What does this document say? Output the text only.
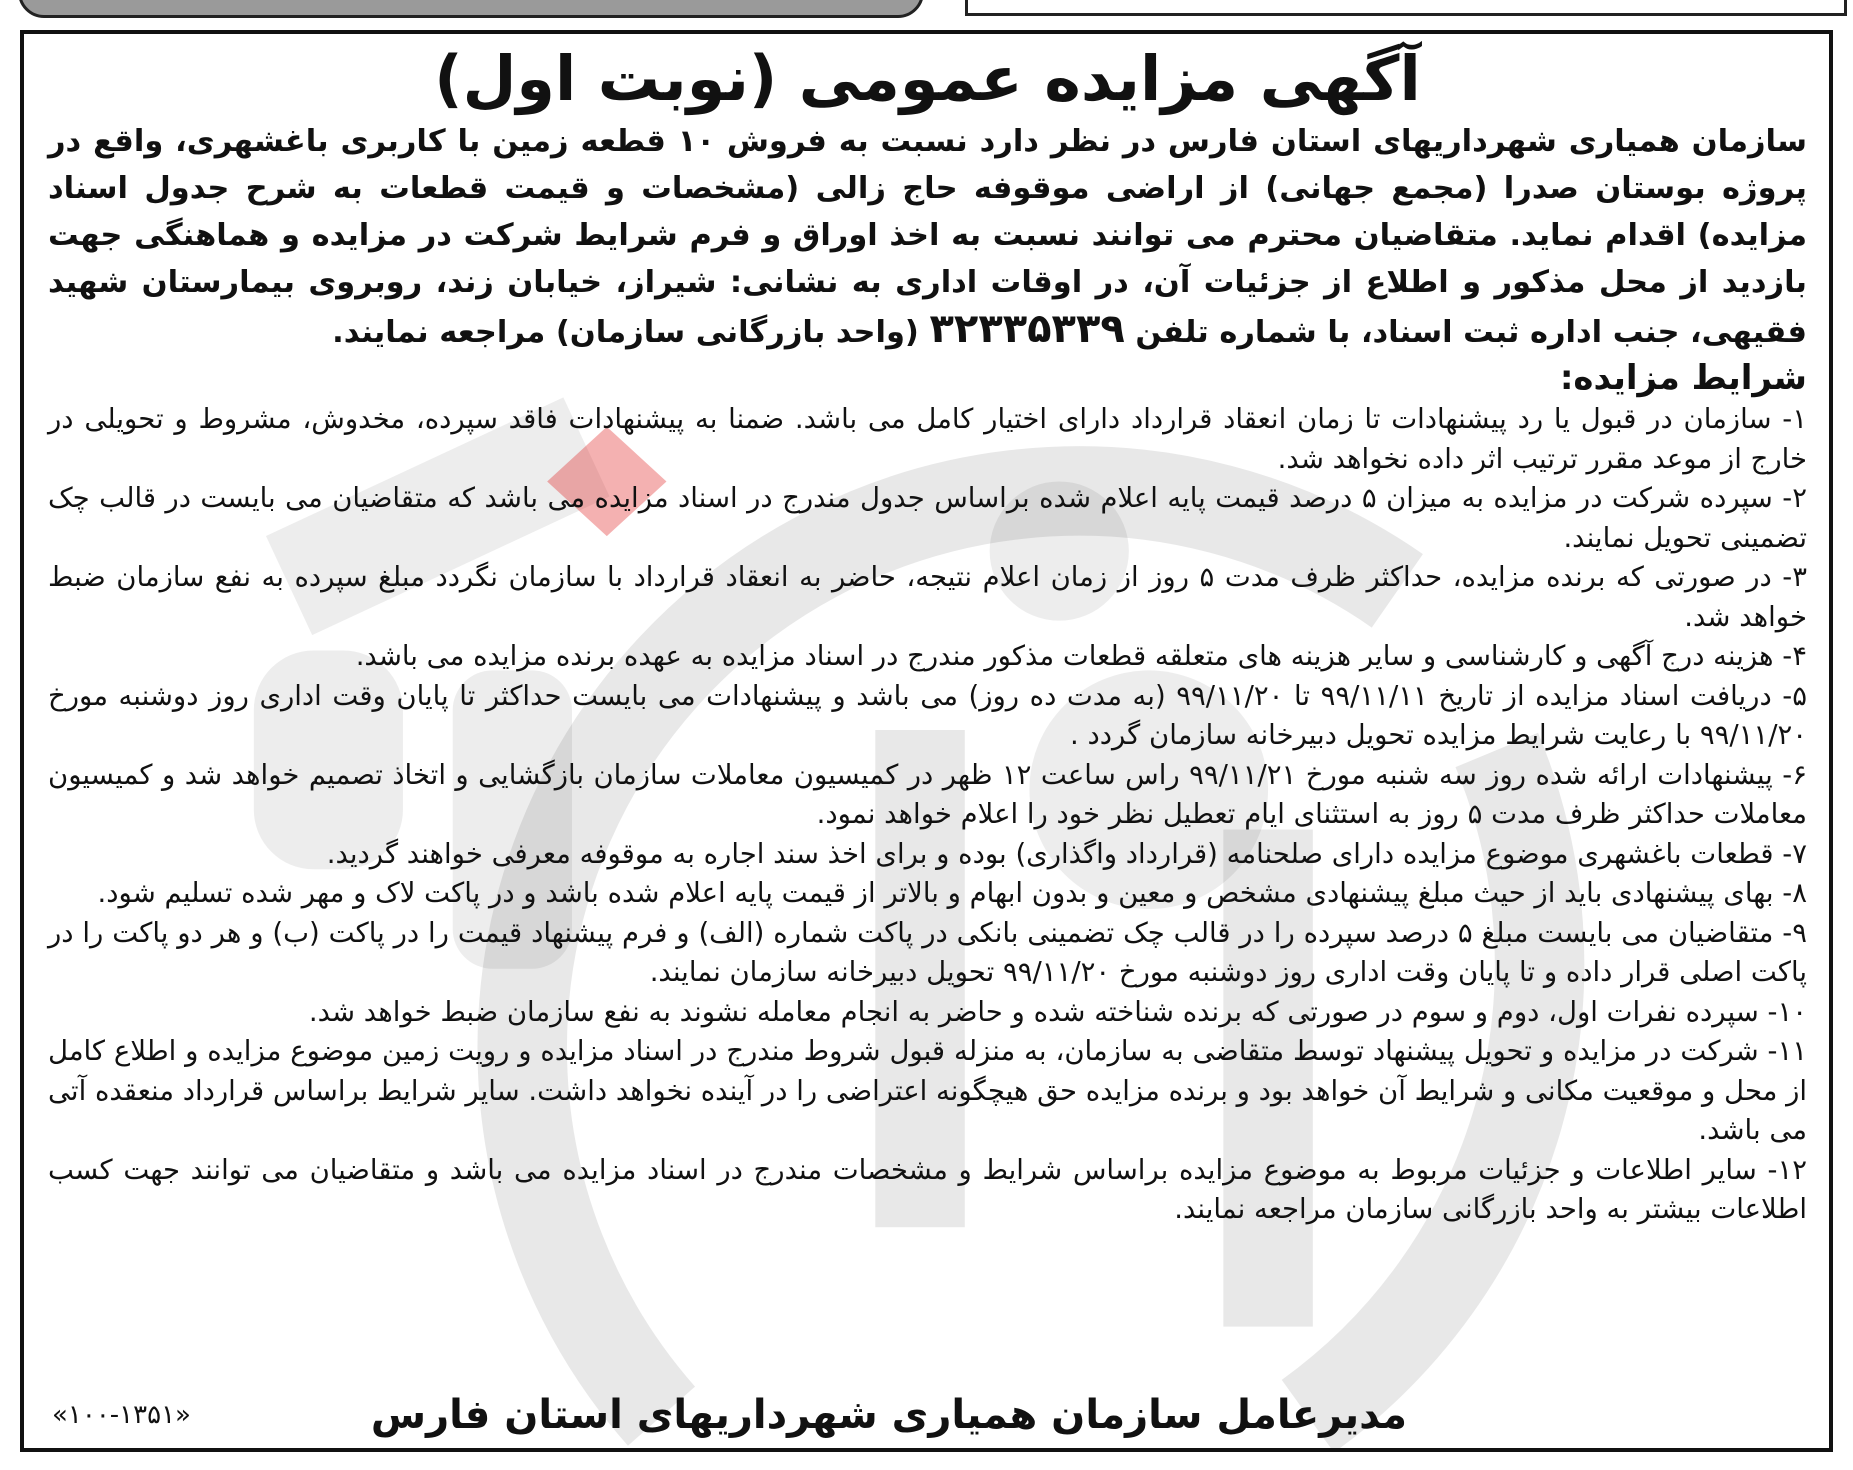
آگهی مزایده عمومی (نوبت اول)

سازمان همیاری شهرداریهای استان فارس در نظر دارد نسبت به فروش ۱۰ قطعه زمین با کاربری باغشهری، واقع در پروژه بوستان صدرا (مجمع جهانی) از اراضی موقوفه حاج زالی (مشخصات و قیمت قطعات به شرح جدول اسناد مزایده) اقدام نماید. متقاضیان محترم می توانند نسبت به اخذ اوراق و فرم شرایط شرکت در مزایده و هماهنگی جهت بازدید از محل مذکور و اطلاع از جزئیات آن، در اوقات اداری به نشانی: شیراز، خیابان زند، روبروی بیمارستان شهید فقیهی، جنب اداره ثبت اسناد، با شماره تلفن ۳۲۳۳۵۳۳۹ (واحد بازرگانی سازمان) مراجعه نمایند.

شرایط مزایده:
۱- سازمان در قبول یا رد پیشنهادات تا زمان انعقاد قرارداد دارای اختیار کامل می باشد. ضمنا به پیشنهادات فاقد سپرده، مخدوش، مشروط و تحویلی در خارج از موعد مقرر ترتیب اثر داده نخواهد شد.
۲- سپرده شرکت در مزایده به میزان ۵ درصد قیمت پایه اعلام شده براساس جدول مندرج در اسناد مزایده می باشد که متقاضیان می بایست در قالب چک تضمینی تحویل نمایند.
۳- در صورتی که برنده مزایده، حداکثر ظرف مدت ۵ روز از زمان اعلام نتیجه، حاضر به انعقاد قرارداد با سازمان نگردد مبلغ سپرده به نفع سازمان ضبط خواهد شد.
۴- هزینه درج آگهی و کارشناسی و سایر هزینه های متعلقه قطعات مذکور مندرج در اسناد مزایده به عهده برنده مزایده می باشد.
۵- دریافت اسناد مزایده از تاریخ ۹۹/۱۱/۱۱ تا ۹۹/۱۱/۲۰ (به مدت ده روز) می باشد و پیشنهادات می بایست حداکثر تا پایان وقت اداری روز دوشنبه مورخ ۹۹/۱۱/۲۰ با رعایت شرایط مزایده تحویل دبیرخانه سازمان گردد .
۶- پیشنهادات ارائه شده روز سه شنبه مورخ ۹۹/۱۱/۲۱ راس ساعت ۱۲ ظهر در کمیسیون معاملات سازمان بازگشایی و اتخاذ تصمیم خواهد شد و کمیسیون معاملات حداکثر ظرف مدت ۵ روز به استثنای ایام تعطیل نظر خود را اعلام خواهد نمود.
۷- قطعات باغشهری موضوع مزایده دارای صلحنامه (قرارداد واگذاری) بوده و برای اخذ سند اجاره به موقوفه معرفی خواهند گردید.
۸- بهای پیشنهادی باید از حیث مبلغ پیشنهادی مشخص و معین و بدون ابهام و بالاتر از قیمت پایه اعلام شده باشد و در پاکت لاک و مهر شده تسلیم شود.
۹- متقاضیان می بایست مبلغ ۵ درصد سپرده را در قالب چک تضمینی بانکی در پاکت شماره (الف) و فرم پیشنهاد قیمت را در پاکت (ب) و هر دو پاکت را در پاکت اصلی قرار داده و تا پایان وقت اداری روز دوشنبه مورخ ۹۹/۱۱/۲۰ تحویل دبیرخانه سازمان نمایند.
۱۰- سپرده نفرات اول، دوم و سوم در صورتی که برنده شناخته شده و حاضر به انجام معامله نشوند به نفع سازمان ضبط خواهد شد.
۱۱- شرکت در مزایده و تحویل پیشنهاد توسط متقاضی به سازمان، به منزله قبول شروط مندرج در اسناد مزایده و رویت زمین موضوع مزایده و اطلاع کامل از محل و موقعیت مکانی و شرایط آن خواهد بود و برنده مزایده حق هیچگونه اعتراضی را در آینده نخواهد داشت. سایر شرایط براساس قرارداد منعقده آتی می باشد.
۱۲- سایر اطلاعات و جزئیات مربوط به موضوع مزایده براساس شرایط و مشخصات مندرج در اسناد مزایده می باشد و متقاضیان می توانند جهت کسب اطلاعات بیشتر به واحد بازرگانی سازمان مراجعه نمایند.
مدیرعامل سازمان همیاری شهرداریهای استان فارس
«۱۰۰-۱۳۵۱»
